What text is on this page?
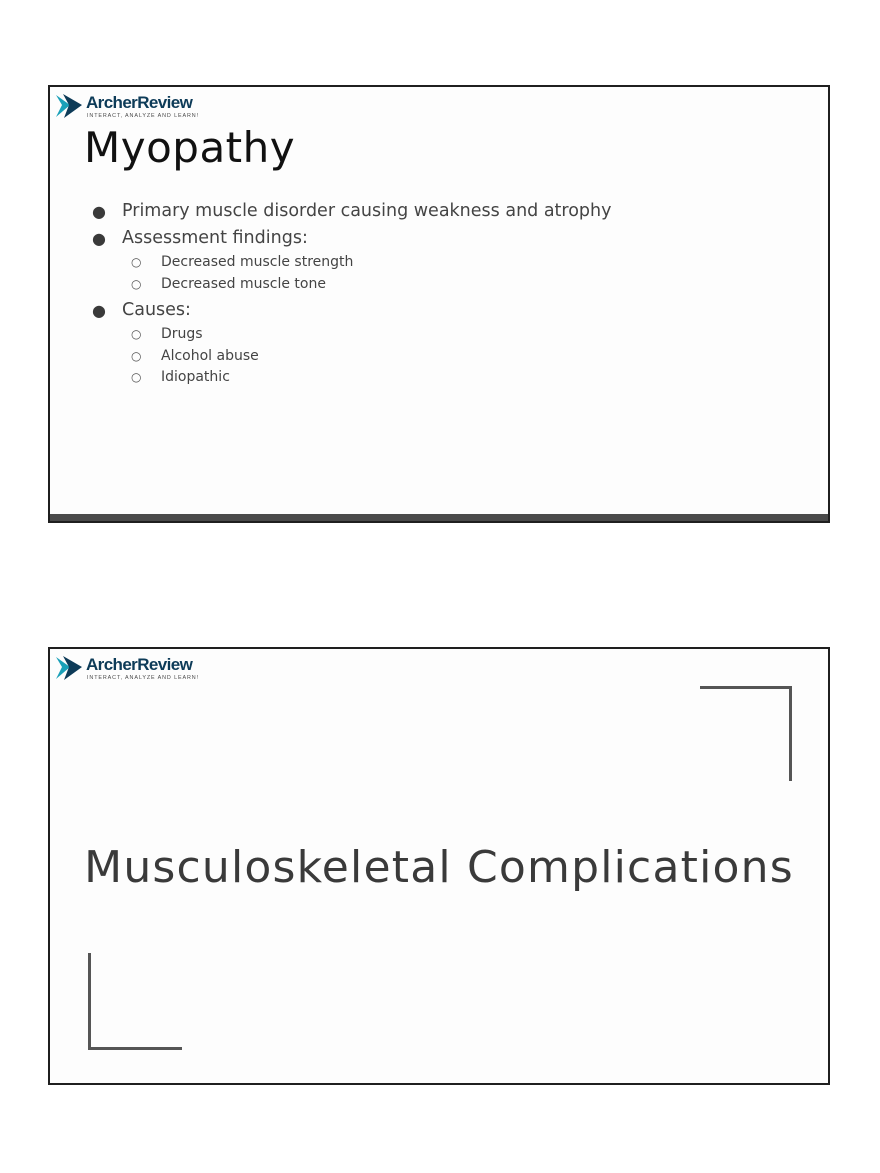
ArcherReview
INTERACT, ANALYZE AND LEARN!
Myopathy
● Primary muscle disorder causing weakness and atrophy
● Assessment findings:
○ Decreased muscle strength
○ Decreased muscle tone
● Causes:
○ Drugs
○ Alcohol abuse
○ Idiopathic
ArcherReview
INTERACT, ANALYZE AND LEARN!
Musculoskeletal Complications
